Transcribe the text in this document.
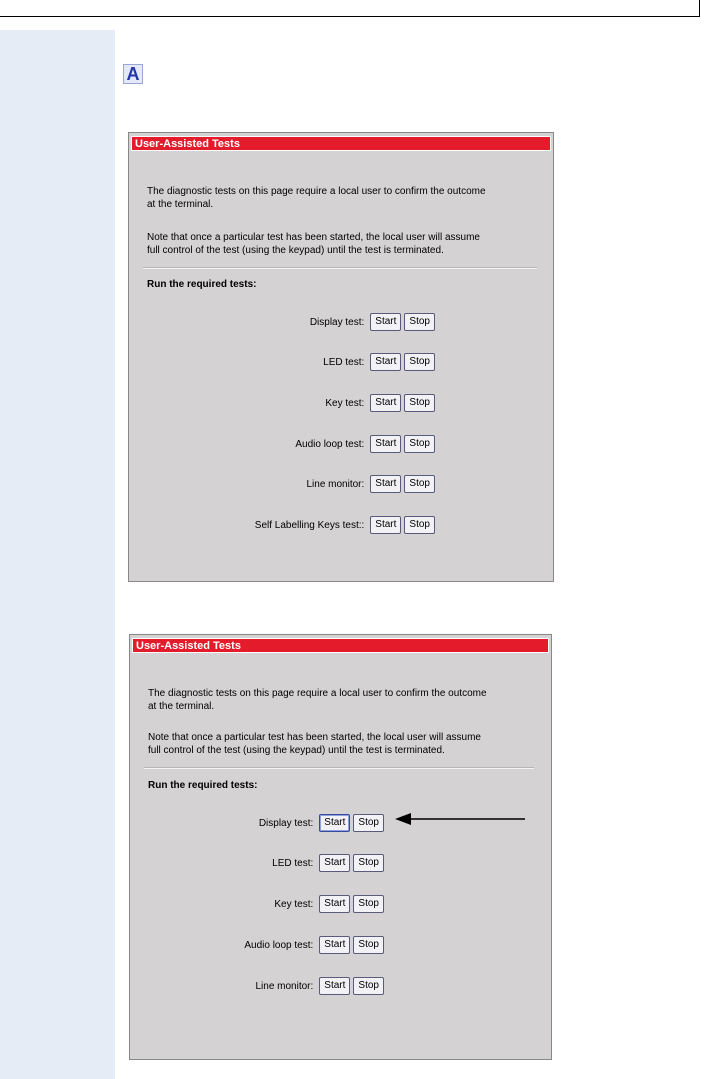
A
User-Assisted Tests
The diagnostic tests on this page require a local user to confirm the outcome
at the terminal.
Note that once a particular test has been started, the local user will assume
full control of the test (using the keypad) until the test is terminated.
Run the required tests:
Display test:	Start	Stop
LED test:	Start	Stop
Key test:	Start	Stop
Audio loop test:	Start	Stop
Line monitor:	Start	Stop
Self Labelling Keys test::	Start	Stop
User-Assisted Tests
The diagnostic tests on this page require a local user to confirm the outcome
at the terminal.
Note that once a particular test has been started, the local user will assume
full control of the test (using the keypad) until the test is terminated.
Run the required tests:
Display test:	Start	Stop
LED test:	Start	Stop
Key test:	Start	Stop
Audio loop test:	Start	Stop
Line monitor:	Start	Stop
